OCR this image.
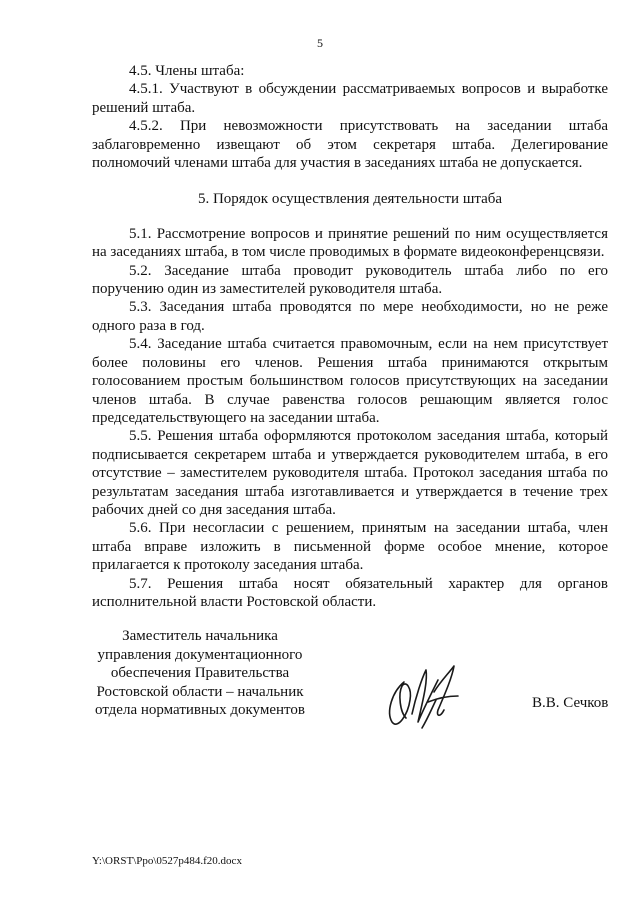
5

4.5. Члены штаба:

4.5.1. Участвуют в обсуждении рассматриваемых вопросов и выработке решений штаба.

4.5.2. При невозможности присутствовать на заседании штаба заблаговременно извещают об этом секретаря штаба. Делегирование полномочий членами штаба для участия в заседаниях штаба не допускается.

5. Порядок осуществления деятельности штаба

5.1. Рассмотрение вопросов и принятие решений по ним осуществляется на заседаниях штаба, в том числе проводимых в формате видеоконференцсвязи.

5.2. Заседание штаба проводит руководитель штаба либо по его поручению один из заместителей руководителя штаба.

5.3. Заседания штаба проводятся по мере необходимости, но не реже одного раза в год.

5.4. Заседание штаба считается правомочным, если на нем присутствует более половины его членов. Решения штаба принимаются открытым голосованием простым большинством голосов присутствующих на заседании членов штаба. В случае равенства голосов решающим является голос председательствующего на заседании штаба.

5.5. Решения штаба оформляются протоколом заседания штаба, который подписывается секретарем штаба и утверждается руководителем штаба, в его отсутствие – заместителем руководителя штаба. Протокол заседания штаба по результатам заседания штаба изготавливается и утверждается в течение трех рабочих дней со дня заседания штаба.

5.6. При несогласии с решением, принятым на заседании штаба, член штаба вправе изложить в письменной форме особое мнение, которое прилагается к протоколу заседания штаба.

5.7. Решения штаба носят обязательный характер для органов исполнительной власти Ростовской области.

Заместитель начальника
управления документационного
обеспечения Правительства
Ростовской области – начальник
отдела нормативных документов	В.В. Сечков
Y:\ORST\Ppo\0527p484.f20.docx
